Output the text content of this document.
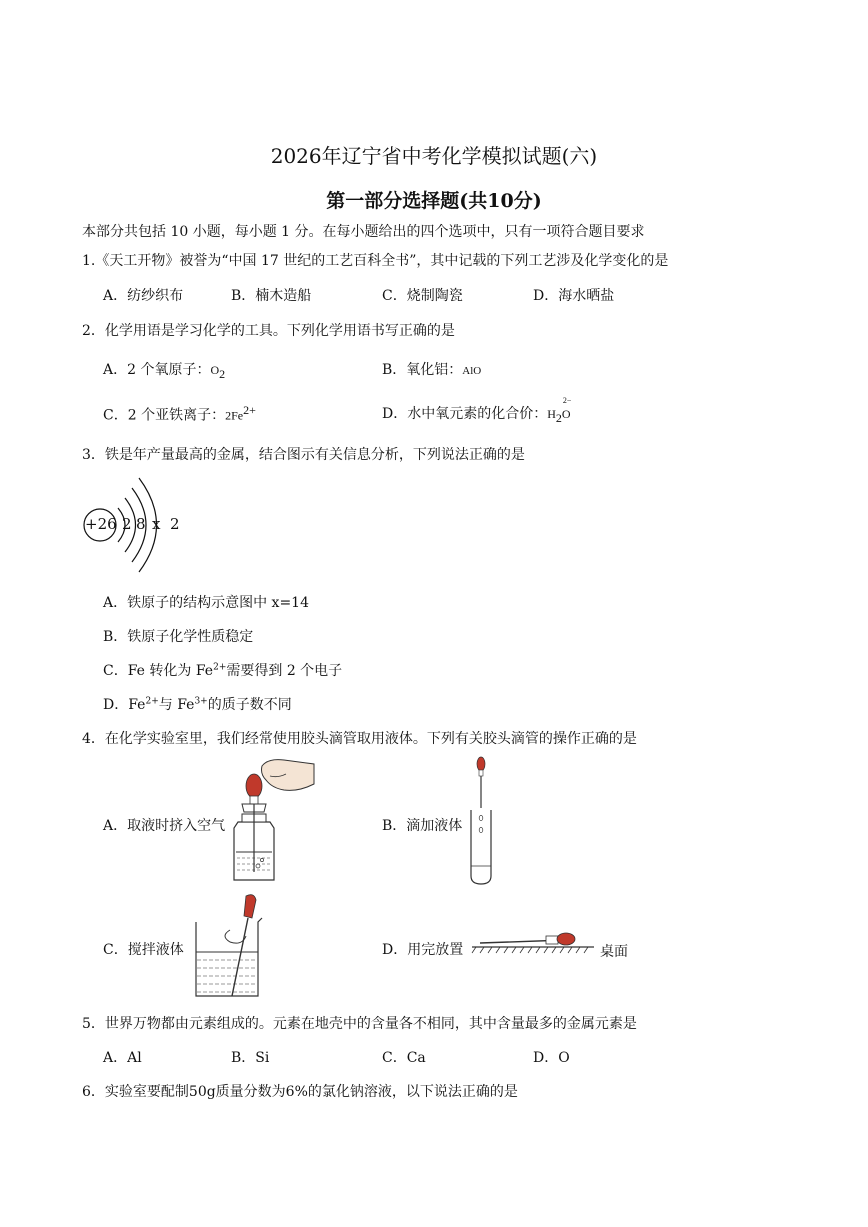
2026年辽宁省中考化学模拟试题(六)
第一部分选择题(共10分)
本部分共包括 10 小题，每小题 1 分。在每小题给出的四个选项中，只有一项符合题目要求
1.《天工开物》被誉为“中国 17 世纪的工艺百科全书”，其中记载的下列工艺涉及化学变化的是
A．纺纱织布	B．楠木造船	C．烧制陶瓷	D．海水晒盐
2．化学用语是学习化学的工具。下列化学用语书写正确的是
A．2 个氧原子：$O_2$	B．氧化铝：AlO
C．2 个亚铁离子：$2Fe^{2+}$	D．水中氧元素的化合价：$H_2O$
2−
3．铁是年产量最高的金属，结合图示有关信息分析，下列说法正确的是
+26 2 8 x 2
A．铁原子的结构示意图中 x=14
B．铁原子化学性质稳定
C．Fe 转化为 $Fe^{2+}$需要得到 2 个电子
D．$Fe^{2+}$与 $Fe^{3+}$的质子数不同
4．在化学实验室里，我们经常使用胶头滴管取用液体。下列有关胶头滴管的操作正确的是
A．取液时挤入空气	B．滴加液体
C．搅拌液体	D．用完放置	桌面
5．世界万物都由元素组成的。元素在地壳中的含量各不相同，其中含量最多的金属元素是
A．Al	B．Si	C．Ca	D．O
6．实验室要配制50g质量分数为6%的氯化钠溶液，以下说法正确的是
